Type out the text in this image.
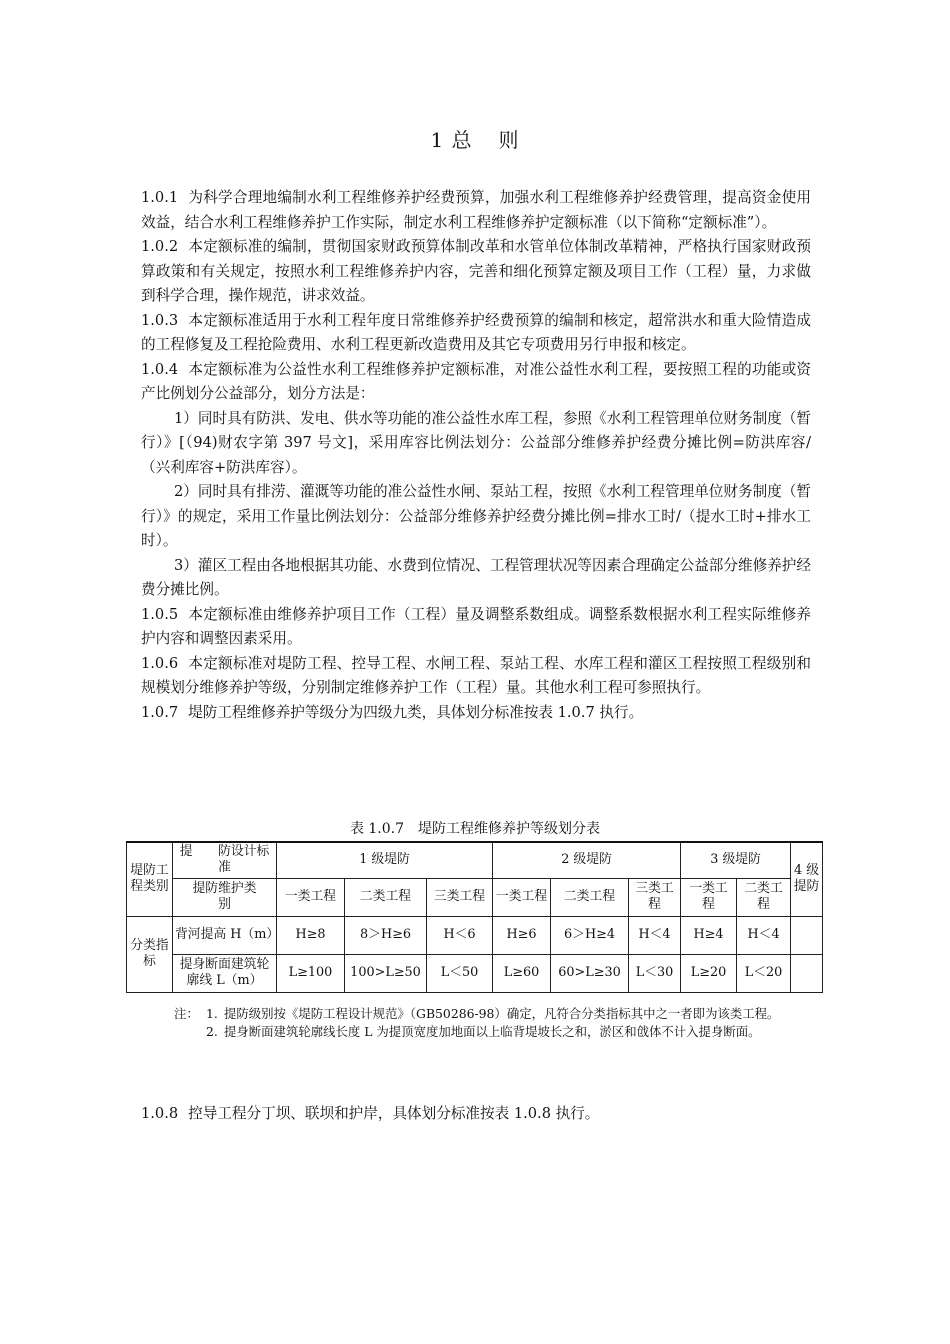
1 总 则

1.0.1 为科学合理地编制水利工程维修养护经费预算，加强水利工程维修养护经费管理，提高资金使用效益，结合水利工程维修养护工作实际，制定水利工程维修养护定额标准（以下简称“定额标准”）。

1.0.2 本定额标准的编制，贯彻国家财政预算体制改革和水管单位体制改革精神，严格执行国家财政预算政策和有关规定，按照水利工程维修养护内容，完善和细化预算定额及项目工作（工程）量，力求做到科学合理，操作规范，讲求效益。

1.0.3 本定额标准适用于水利工程年度日常维修养护经费预算的编制和核定，超常洪水和重大险情造成的工程修复及工程抢险费用、水利工程更新改造费用及其它专项费用另行申报和核定。

1.0.4 本定额标准为公益性水利工程维修养护定额标准，对准公益性水利工程，要按照工程的功能或资产比例划分公益部分，划分方法是：

1）同时具有防洪、发电、供水等功能的准公益性水库工程，参照《水利工程管理单位财务制度（暂行）》[（94)财农字第 397 号文]，采用库容比例法划分：公益部分维修养护经费分摊比例=防洪库容/（兴利库容+防洪库容）。

2）同时具有排涝、灌溉等功能的准公益性水闸、泵站工程，按照《水利工程管理单位财务制度（暂行）》的规定，采用工作量比例法划分：公益部分维修养护经费分摊比例=排水工时/（提水工时+排水工时）。

3）灌区工程由各地根据其功能、水费到位情况、工程管理状况等因素合理确定公益部分维修养护经费分摊比例。

1.0.5 本定额标准由维修养护项目工作（工程）量及调整系数组成。调整系数根据水利工程实际维修养护内容和调整因素采用。

1.0.6 本定额标准对堤防工程、控导工程、水闸工程、泵站工程、水库工程和灌区工程按照工程级别和规模划分维修养护等级，分别制定维修养护工作（工程）量。其他水利工程可参照执行。

1.0.7 堤防工程维修养护等级分为四级九类，具体划分标准按表 1.0.7 执行。

表 1.0.7　堤防工程维修养护等级划分表
堤防工程类别	提　　防设计标准	1 级堤防			2 级堤防			3 级堤防		4 级提防
	提防维护类　　别	一类工程	二类工程	三类工程	一类工程	二类工程	三类工程	一类工程	二类工程	
分类指标	背河提高 H（m）	H≥8	8＞H≥6	H＜6	H≥6	6＞H≥4	H＜4	H≥4	H＜4	
	提身断面建筑轮廓线 L（m）	L≥100	100>L≥50	L＜50	L≥60	60>L≥30	L＜30	L≥20	L＜20	
注： 1. 提防级别按《堤防工程设计规范》（GB50286-98）确定，凡符合分类指标其中之一者即为该类工程。
2. 提身断面建筑轮廓线长度 L 为提顶宽度加地面以上临背堤坡长之和，淤区和戗体不计入提身断面。

1.0.8 控导工程分丁坝、联坝和护岸，具体划分标准按表 1.0.8 执行。
